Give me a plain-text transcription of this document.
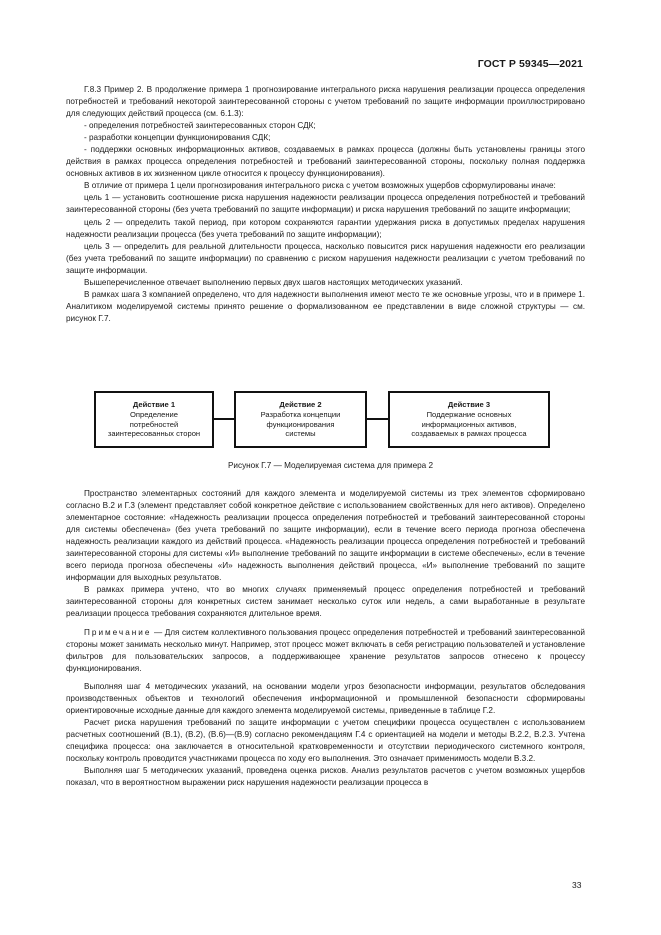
ГОСТ Р 59345—2021

Г.8.3 Пример 2. В продолжение примера 1 прогнозирование интегрального риска нарушения реализации процесса определения потребностей и требований некоторой заинтересованной стороны с учетом требований по защите информации проиллюстрировано для следующих действий процесса (см. 6.1.3):

- определения потребностей заинтересованных сторон СДК;

- разработки концепции функционирования СДК;

- поддержки основных информационных активов, создаваемых в рамках процесса (должны быть установлены границы этого действия в рамках процесса определения потребностей и требований заинтересованной стороны, поскольку полная поддержка основных активов в их жизненном цикле относится к процессу функционирования).

В отличие от примера 1 цели прогнозирования интегрального риска с учетом возможных ущербов сформулированы иначе:

цель 1 — установить соотношение риска нарушения надежности реализации процесса определения потребностей и требований заинтересованной стороны (без учета требований по защите информации) и риска нарушения требований по защите информации;

цель 2 — определить такой период, при котором сохраняются гарантии удержания риска в допустимых пределах нарушения надежности реализации процесса (без учета требований по защите информации);

цель 3 — определить для реальной длительности процесса, насколько повысится риск нарушения надежности его реализации (без учета требований по защите информации) по сравнению с риском нарушения надежности реализации с учетом требований по защите информации.

Вышеперечисленное отвечает выполнению первых двух шагов настоящих методических указаний.

В рамках шага 3 компанией определено, что для надежности выполнения имеют место те же основные угрозы, что и в примере 1. Аналитиком моделируемой системы принято решение о формализованном ее представлении в виде сложной структуры — см. рисунок Г.7.

Действие 1
Определение
потребностей
заинтересованных сторон
Действие 2
Разработка концепции
функционирования
системы
Действие 3
Поддержание основных
информационных активов,
создаваемых в рамках процесса
Рисунок Г.7 — Моделируемая система для примера 2

Пространство элементарных состояний для каждого элемента и моделируемой системы из трех элементов сформировано согласно В.2 и Г.3 (элемент представляет собой конкретное действие с использованием свойственных для него активов). Определено элементарное состояние: «Надежность реализации процесса определения потребностей и требований заинтересованной стороны для системы обеспечена» (без учета требований по защите информации), если в течение всего периода прогноза обеспечена надежность реализации каждого из действий процесса. «Надежность реализации процесса определения потребностей и требований заинтересованной стороны для системы «И» выполнение требований по защите информации в системе обеспечены», если в течение всего периода прогноза обеспечены «И» надежность выполнения действий процесса, «И» выполнение требований по защите информации для выходных результатов.

В рамках примера учтено, что во многих случаях применяемый процесс определения потребностей и требований заинтересованной стороны для конкретных систем занимает несколько суток или недель, а сами выработанные в результате реализации процесса требования сохраняются длительное время.

Примечание — Для систем коллективного пользования процесс определения потребностей и требований заинтересованной стороны может занимать несколько минут. Например, этот процесс может включать в себя регистрацию пользователей и установление фильтров для пользовательских запросов, а поддерживающее хранение результатов запросов отнесено к процессу функционирования.

Выполняя шаг 4 методических указаний, на основании модели угроз безопасности информации, результатов обследования производственных объектов и технологий обеспечения информационной и промышленной безопасности сформированы ориентировочные исходные данные для каждого элемента моделируемой системы, приведенные в таблице Г.2.

Расчет риска нарушения требований по защите информации с учетом специфики процесса осуществлен с использованием расчетных соотношений (В.1), (В.2), (В.6)—(В.9) согласно рекомендациям Г.4 с ориентацией на модели и методы В.2.2, В.2.3. Учтена специфика процесса: она заключается в относительной кратковременности и отсутствии периодического системного контроля, поскольку контроль проводится участниками процесса по ходу его выполнения. Это означает применимость модели В.3.2.

Выполняя шаг 5 методических указаний, проведена оценка рисков. Анализ результатов расчетов с учетом возможных ущербов показал, что в вероятностном выражении риск нарушения надежности реализации процесса в

33
